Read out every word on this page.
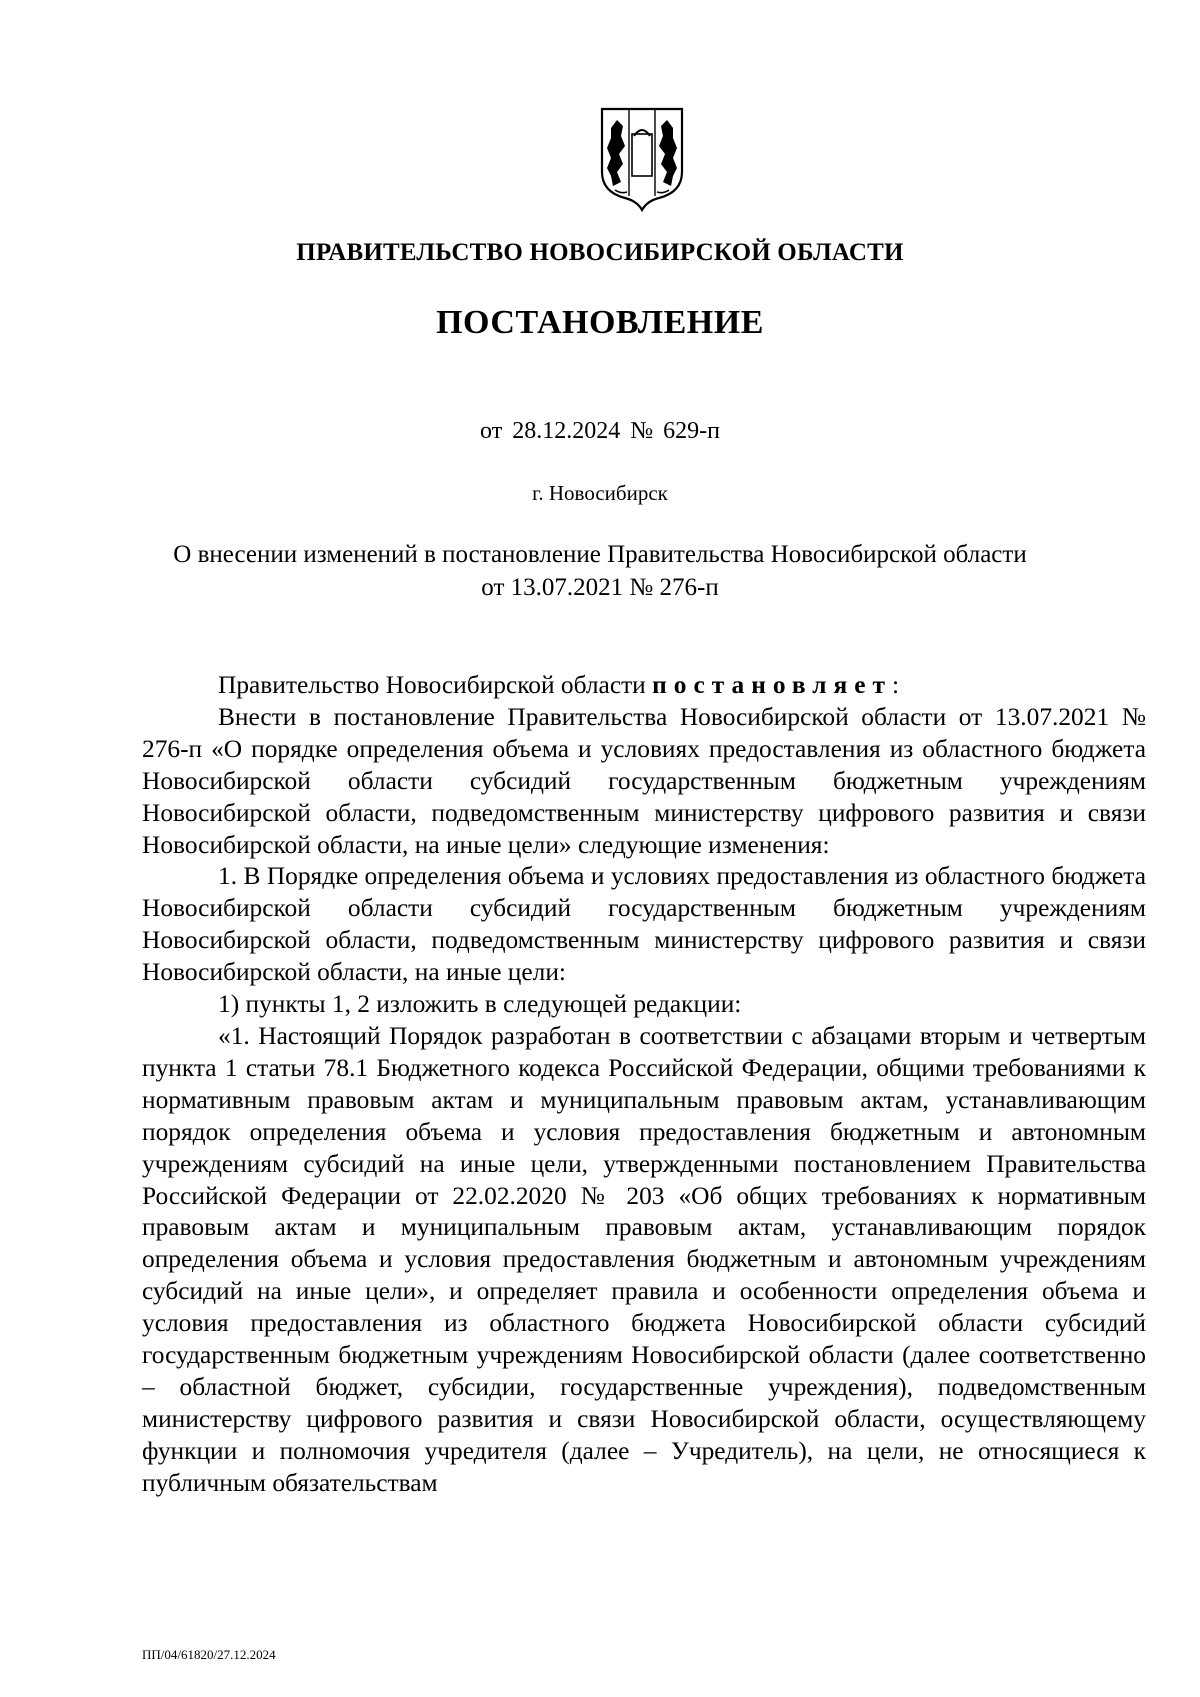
ПРАВИТЕЛЬСТВО НОВОСИБИРСКОЙ ОБЛАСТИ

ПОСТАНОВЛЕНИЕ

от 28.12.2024 № 629-п

г. Новосибирск

О внесении изменений в постановление Правительства Новосибирской области
от 13.07.2021 № 276-п

Правительство Новосибирской области постановляет:

Внести в постановление Правительства Новосибирской области от 13.07.2021 № 276-п «О порядке определения объема и условиях предоставления из областного бюджета Новосибирской области субсидий государственным бюджетным учреждениям Новосибирской области, подведомственным министерству цифрового развития и связи Новосибирской области, на иные цели» следующие изменения:

1. В Порядке определения объема и условиях предоставления из областного бюджета Новосибирской области субсидий государственным бюджетным учреждениям Новосибирской области, подведомственным министерству цифрового развития и связи Новосибирской области, на иные цели:

1) пункты 1, 2 изложить в следующей редакции:

«1. Настоящий Порядок разработан в соответствии с абзацами вторым и четвертым пункта 1 статьи 78.1 Бюджетного кодекса Российской Федерации, общими требованиями к нормативным правовым актам и муниципальным правовым актам, устанавливающим порядок определения объема и условия предоставления бюджетным и автономным учреждениям субсидий на иные цели, утвержденными постановлением Правительства Российской Федерации от 22.02.2020 № 203 «Об общих требованиях к нормативным правовым актам и муниципальным правовым актам, устанавливающим порядок определения объема и условия предоставления бюджетным и автономным учреждениям субсидий на иные цели», и определяет правила и особенности определения объема и условия предоставления из областного бюджета Новосибирской области субсидий государственным бюджетным учреждениям Новосибирской области (далее соответственно – областной бюджет, субсидии, государственные учреждения), подведомственным министерству цифрового развития и связи Новосибирской области, осуществляющему функции и полномочия учредителя (далее – Учредитель), на цели, не относящиеся к публичным обязательствам

ПП/04/61820/27.12.2024
